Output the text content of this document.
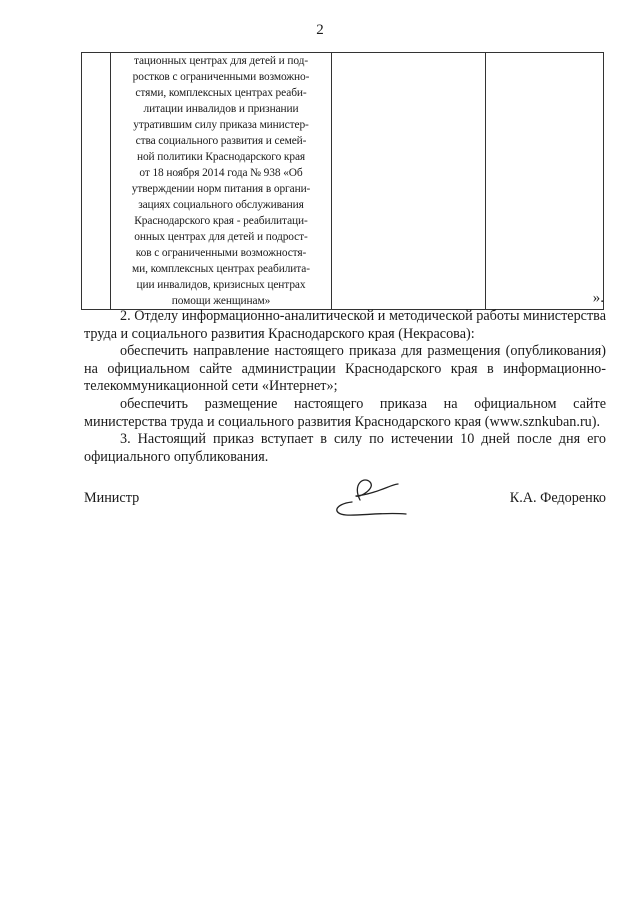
2

тационных центрах для детей и под-
ростков с ограниченными возможно-
стями, комплексных центрах реаби-
литации инвалидов и признании
утратившим силу приказа министер-
ства социального развития и семей-
ной политики Краснодарского края
от 18 ноября 2014 года № 938 «Об
утверждении норм питания в органи-
зациях социального обслуживания
Краснодарского края - реабилитаци-
онных центрах для детей и подрост-
ков с ограниченными возможностя-
ми, комплексных центрах реабилита-
ции инвалидов, кризисных центрах
помощи женщинам»
			».

2. Отделу информационно-аналитической и методической работы министерства труда и социального развития Краснодарского края (Некрасова):

обеспечить направление настоящего приказа для размещения (опубликования) на официальном сайте администрации Краснодарского края в информационно-телекоммуникационной сети «Интернет»;

обеспечить размещение настоящего приказа на официальном сайте министерства труда и социального развития Краснодарского края (www.sznkuban.ru).

3. Настоящий приказ вступает в силу по истечении 10 дней после дня его официального опубликования.

Министр	К.А. Федоренко
